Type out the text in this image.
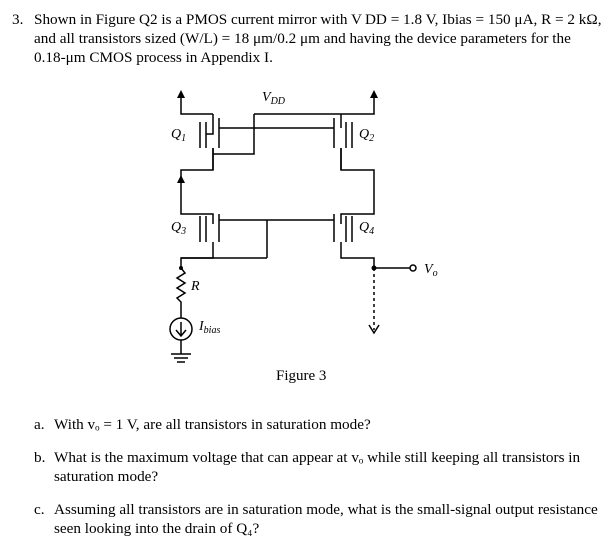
3. Shown in Figure Q2 is a PMOS current mirror with V DD = 1.8 V, Ibias = 150 μA, R = 2 kΩ,
and all transistors sized (W/L) = 18 μm/0.2 μm and having the device parameters for the
0.18-μm CMOS process in Appendix I.
$V_{DD}$
$Q_1$	$Q_2$
$Q_3$	$Q_4$
R
$I_{bias}$
$V_o$
Figure 3
a. With vₒ = 1 V, are all transistors in saturation mode?
b. What is the maximum voltage that can appear at vₒ while still keeping all transistors in
saturation mode?
c. Assuming all transistors are in saturation mode, what is the small-signal output resistance
seen looking into the drain of Q₄?
